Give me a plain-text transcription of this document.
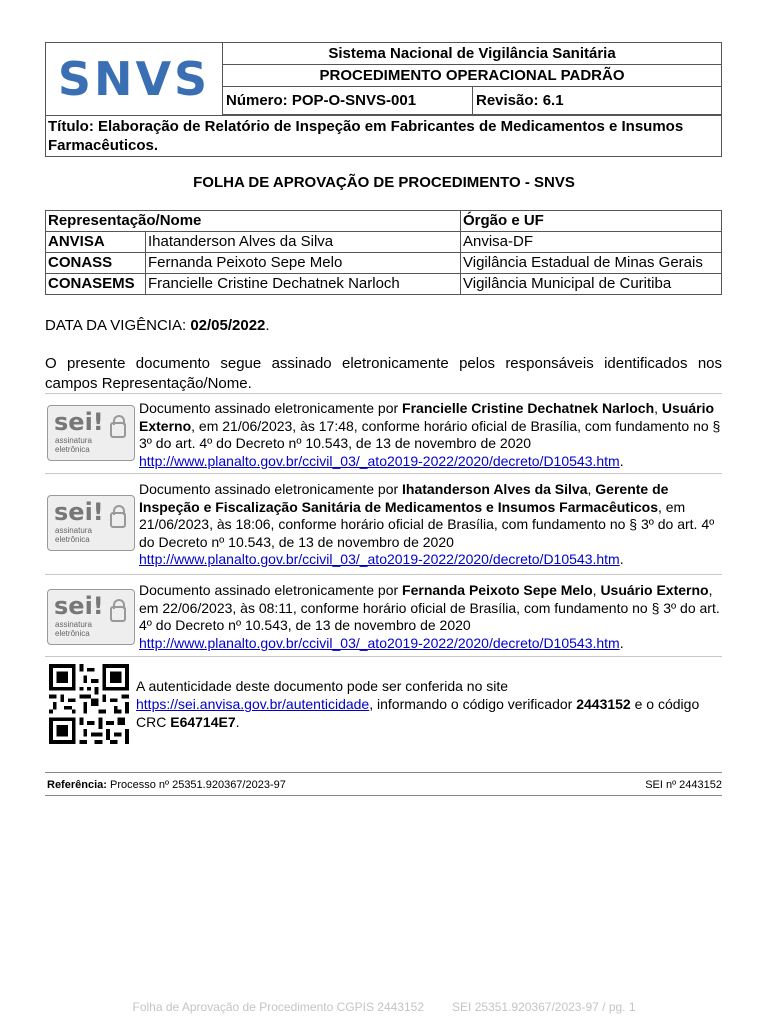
SNVS	Sistema Nacional de Vigilância Sanitária
PROCEDIMENTO OPERACIONAL PADRÃO
Número: POP-O-SNVS-001	Revisão: 6.1
Título: Elaboração de Relatório de Inspeção em Fabricantes de Medicamentos e Insumos Farmacêuticos.
FOLHA DE APROVAÇÃO DE PROCEDIMENTO - SNVS
Representação/Nome		Órgão e UF
ANVISA	Ihatanderson Alves da Silva	Anvisa-DF
CONASS	Fernanda Peixoto Sepe Melo	Vigilância Estadual de Minas Gerais
CONASEMS	Francielle Cristine Dechatnek Narloch	Vigilância Municipal de Curitiba
DATA DA VIGÊNCIA: 02/05/2022.
O presente documento segue assinado eletronicamente pelos responsáveis identificados nos campos Representação/Nome.
sei!
assinatura
eletrônica
Documento assinado eletronicamente por Francielle Cristine Dechatnek Narloch, Usuário Externo, em 21/06/2023, às 17:48, conforme horário oficial de Brasília, com fundamento no § 3º do art. 4º do Decreto nº 10.543, de 13 de novembro de 2020 http://www.planalto.gov.br/ccivil_03/_ato2019-2022/2020/decreto/D10543.htm.
sei!
assinatura
eletrônica
Documento assinado eletronicamente por Ihatanderson Alves da Silva, Gerente de Inspeção e Fiscalização Sanitária de Medicamentos e Insumos Farmacêuticos, em 21/06/2023, às 18:06, conforme horário oficial de Brasília, com fundamento no § 3º do art. 4º do Decreto nº 10.543, de 13 de novembro de 2020 http://www.planalto.gov.br/ccivil_03/_ato2019-2022/2020/decreto/D10543.htm.
sei!
assinatura
eletrônica
Documento assinado eletronicamente por Fernanda Peixoto Sepe Melo, Usuário Externo, em 22/06/2023, às 08:11, conforme horário oficial de Brasília, com fundamento no § 3º do art. 4º do Decreto nº 10.543, de 13 de novembro de 2020 http://www.planalto.gov.br/ccivil_03/_ato2019-2022/2020/decreto/D10543.htm.
A autenticidade deste documento pode ser conferida no site
https://sei.anvisa.gov.br/autenticidade, informando o código verificador 2443152 e o código CRC E64714E7.
Referência: Processo nº 25351.920367/2023-97	SEI nº 2443152
Folha de Aprovação de Procedimento CGPIS 2443152 SEI 25351.920367/2023-97 / pg. 1
